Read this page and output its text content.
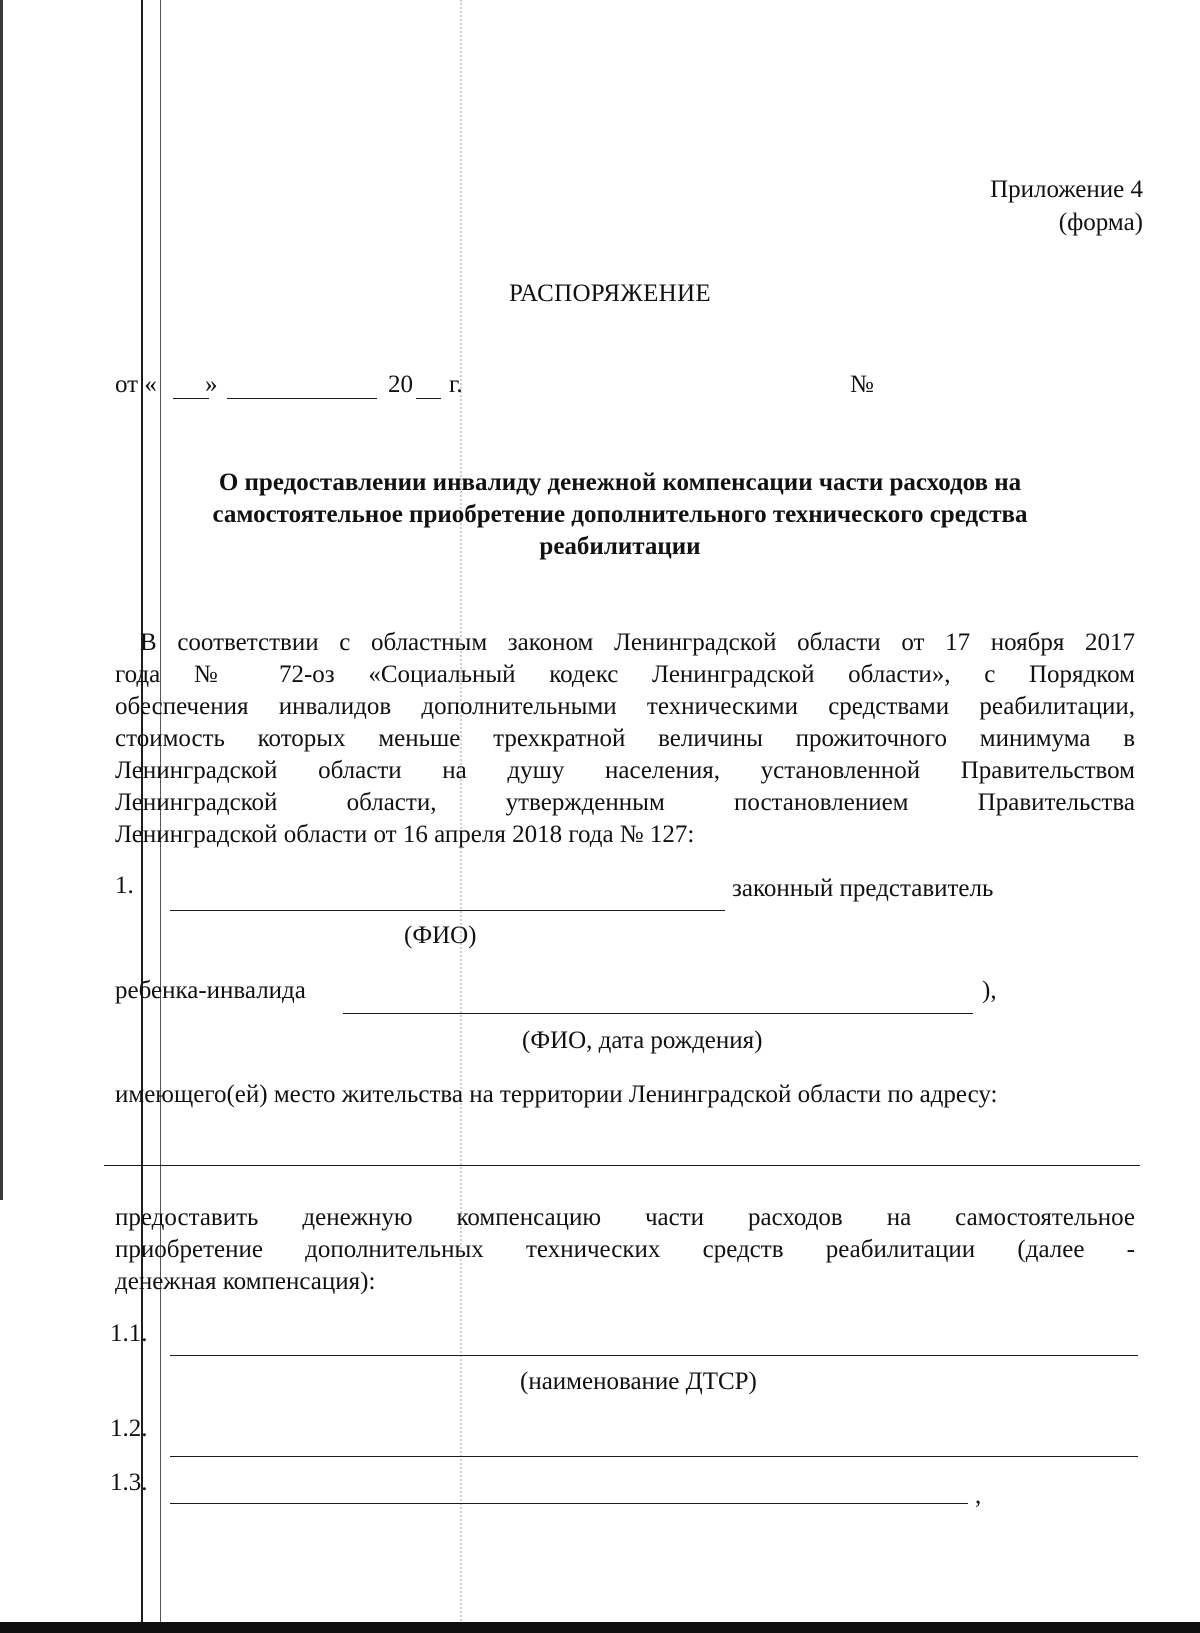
Приложение 4
(форма)
РАСПОРЯЖЕНИЕ
от « »	20 г.	№
О предоставлении инвалиду денежной компенсации части расходов на
самостоятельное приобретение дополнительного технического средства
реабилитации
В соответствии с областным законом Ленинградской области от 17 ноября 2017
года № 72-оз «Социальный кодекс Ленинградской области», с Порядком
обеспечения инвалидов дополнительными техническими средствами реабилитации,
стоимость которых меньше трехкратной величины прожиточного минимума в
Ленинградской области на душу населения, установленной Правительством
Ленинградской области, утвержденным постановлением Правительства
Ленинградской области от 16 апреля 2018 года № 127:
1.	законный представитель
(ФИО)
ребенка-инвалида	),
(ФИО, дата рождения)
имеющего(ей) место жительства на территории Ленинградской области по адресу:
предоставить денежную компенсацию части расходов на самостоятельное
приобретение дополнительных технических средств реабилитации (далее -
денежная компенсация):
1.1.
(наименование ДТСР)
1.2.
1.3.	,
